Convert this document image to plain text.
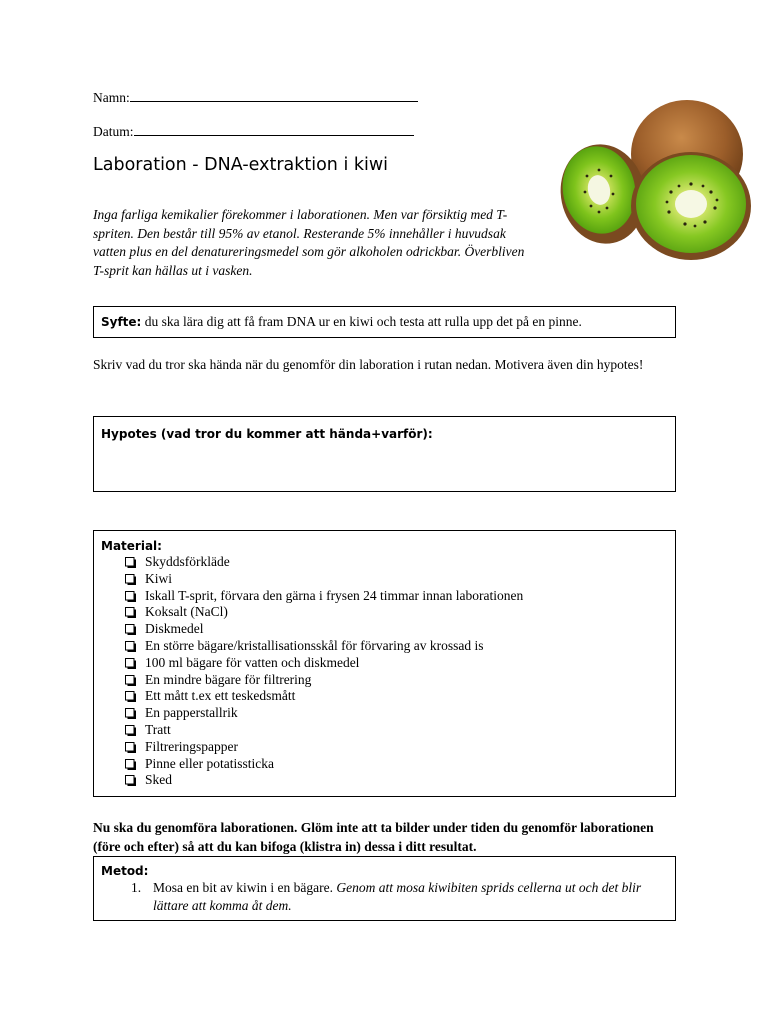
Namn:
Datum:
Laboration - DNA-extraktion i kiwi
Inga farliga kemikalier förekommer i laborationen. Men var försiktig med T-spriten. Den består till 95% av etanol. Resterande 5% innehåller i huvudsak vatten plus en del denatureringsmedel som gör alkoholen odrickbar. Överbliven T-sprit kan hällas ut i vasken.
Syfte: du ska lära dig att få fram DNA ur en kiwi och testa att rulla upp det på en pinne.
Skriv vad du tror ska hända när du genomför din laboration i rutan nedan. Motivera även din hypotes!
Hypotes (vad tror du kommer att hända+varför):
Material:
Skyddsförkläde
Kiwi
Iskall T-sprit, förvara den gärna i frysen 24 timmar innan laborationen
Koksalt (NaCl)
Diskmedel
En större bägare/kristallisationsskål för förvaring av krossad is
100 ml bägare för vatten och diskmedel
En mindre bägare för filtrering
Ett mått t.ex ett teskedsmått
En papperstallrik
Tratt
Filtreringspapper
Pinne eller potatissticka
Sked
Nu ska du genomföra laborationen. Glöm inte att ta bilder under tiden du genomför laborationen (före och efter) så att du kan bifoga (klistra in) dessa i ditt resultat.
Metod:
1. Mosa en bit av kiwin i en bägare. Genom att mosa kiwibiten sprids cellerna ut och det blir lättare att komma åt dem.
